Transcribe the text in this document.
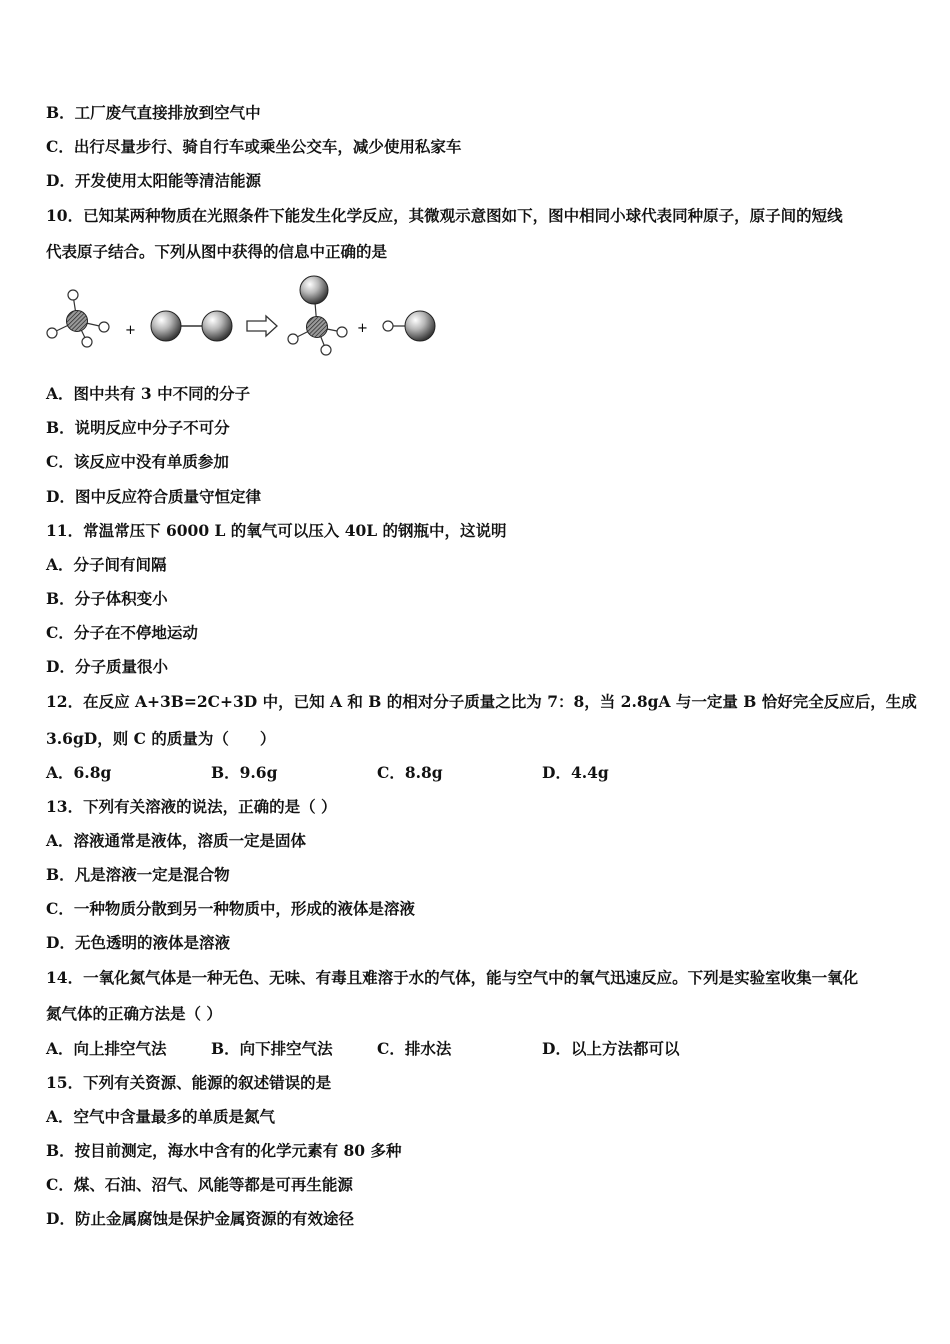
B．工厂废气直接排放到空气中
C．出行尽量步行、骑自行车或乘坐公交车，减少使用私家车
D．开发使用太阳能等清洁能源
10．已知某两种物质在光照条件下能发生化学反应，其微观示意图如下，图中相同小球代表同种原子，原子间的短线
代表原子结合。下列从图中获得的信息中正确的是
+	+
A．图中共有 3 中不同的分子
B．说明反应中分子不可分
C．该反应中没有单质参加
D．图中反应符合质量守恒定律
11．常温常压下 6000 L 的氧气可以压入 40L 的钢瓶中，这说明
A．分子间有间隔
B．分子体积变小
C．分子在不停地运动
D．分子质量很小
12．在反应 A+3B=2C+3D 中，已知 A 和 B 的相对分子质量之比为 7：8，当 2.8gA 与一定量 B 恰好完全反应后，生成
3.6gD，则 C 的质量为（　　）
A．6.8g	B．9.6g	C．8.8g	D．4.4g
13．下列有关溶液的说法，正确的是（ ）
A．溶液通常是液体，溶质一定是固体
B．凡是溶液一定是混合物
C．一种物质分散到另一种物质中，形成的液体是溶液
D．无色透明的液体是溶液
14．一氧化氮气体是一种无色、无味、有毒且难溶于水的气体，能与空气中的氧气迅速反应。下列是实验室收集一氧化
氮气体的正确方法是（ ）
A．向上排空气法	B．向下排空气法	C．排水法	D．以上方法都可以
15．下列有关资源、能源的叙述错误的是
A．空气中含量最多的单质是氮气
B．按目前测定，海水中含有的化学元素有 80 多种
C．煤、石油、沼气、风能等都是可再生能源
D．防止金属腐蚀是保护金属资源的有效途径
